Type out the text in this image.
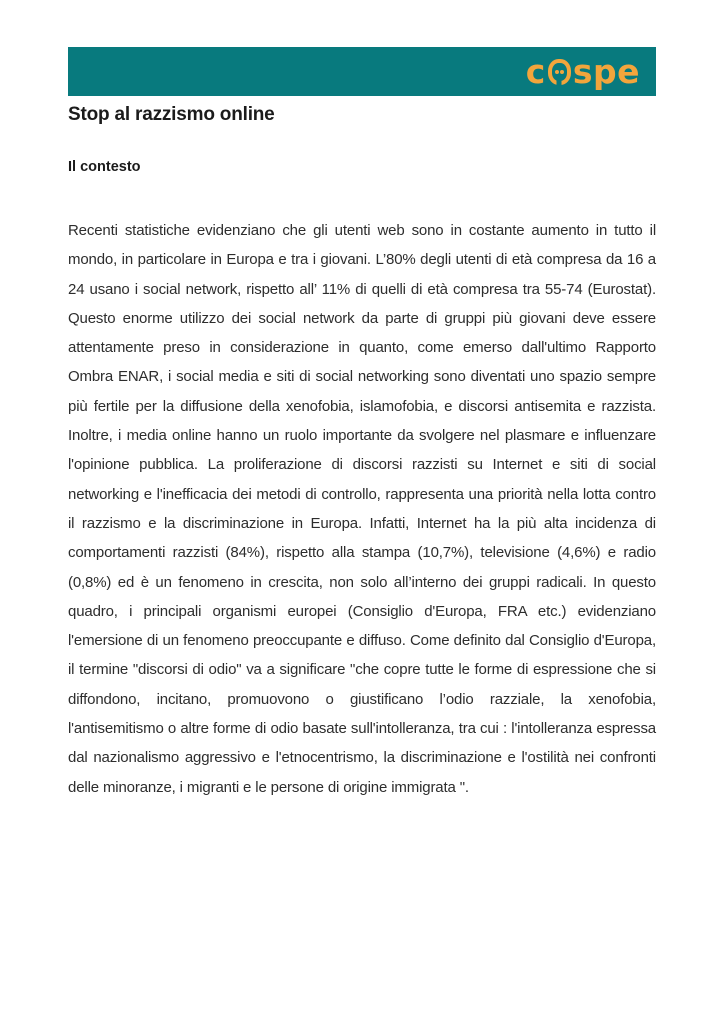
c spe
Stop al razzismo online
Il contesto

Recenti statistiche evidenziano che gli utenti web sono in costante aumento in tutto il mondo, in particolare in Europa e tra i giovani. L’80% degli utenti di età compresa da 16 a 24 usano i social network, rispetto all’ 11% di quelli di età compresa tra 55-74 (Eurostat). Questo enorme utilizzo dei social network da parte di gruppi più giovani deve essere attentamente preso in considerazione in quanto, come emerso dall'ultimo Rapporto Ombra ENAR, i social media e siti di social networking sono diventati uno spazio sempre più fertile per la diffusione della xenofobia, islamofobia, e discorsi antisemita e razzista. Inoltre, i media online hanno un ruolo importante da svolgere nel plasmare e influenzare l'opinione pubblica. La proliferazione di discorsi razzisti su Internet e siti di social networking e l'inefficacia dei metodi di controllo, rappresenta una priorità nella lotta contro il razzismo e la discriminazione in Europa. Infatti, Internet ha la più alta incidenza di comportamenti razzisti (84%), rispetto alla stampa (10,7%), televisione (4,6%) e radio (0,8%) ed è un fenomeno in crescita, non solo all’interno dei gruppi radicali. In questo quadro, i principali organismi europei (Consiglio d'Europa, FRA etc.) evidenziano l'emersione di un fenomeno preoccupante e diffuso. Come definito dal Consiglio d'Europa, il termine "discorsi di odio" va a significare "che copre tutte le forme di espressione che si diffondono, incitano, promuovono o giustificano l’odio razziale, la xenofobia, l'antisemitismo o altre forme di odio basate sull'intolleranza, tra cui : l'intolleranza espressa dal nazionalismo aggressivo e l'etnocentrismo, la discriminazione e l'ostilità nei confronti delle minoranze, i migranti e le persone di origine immigrata ".
